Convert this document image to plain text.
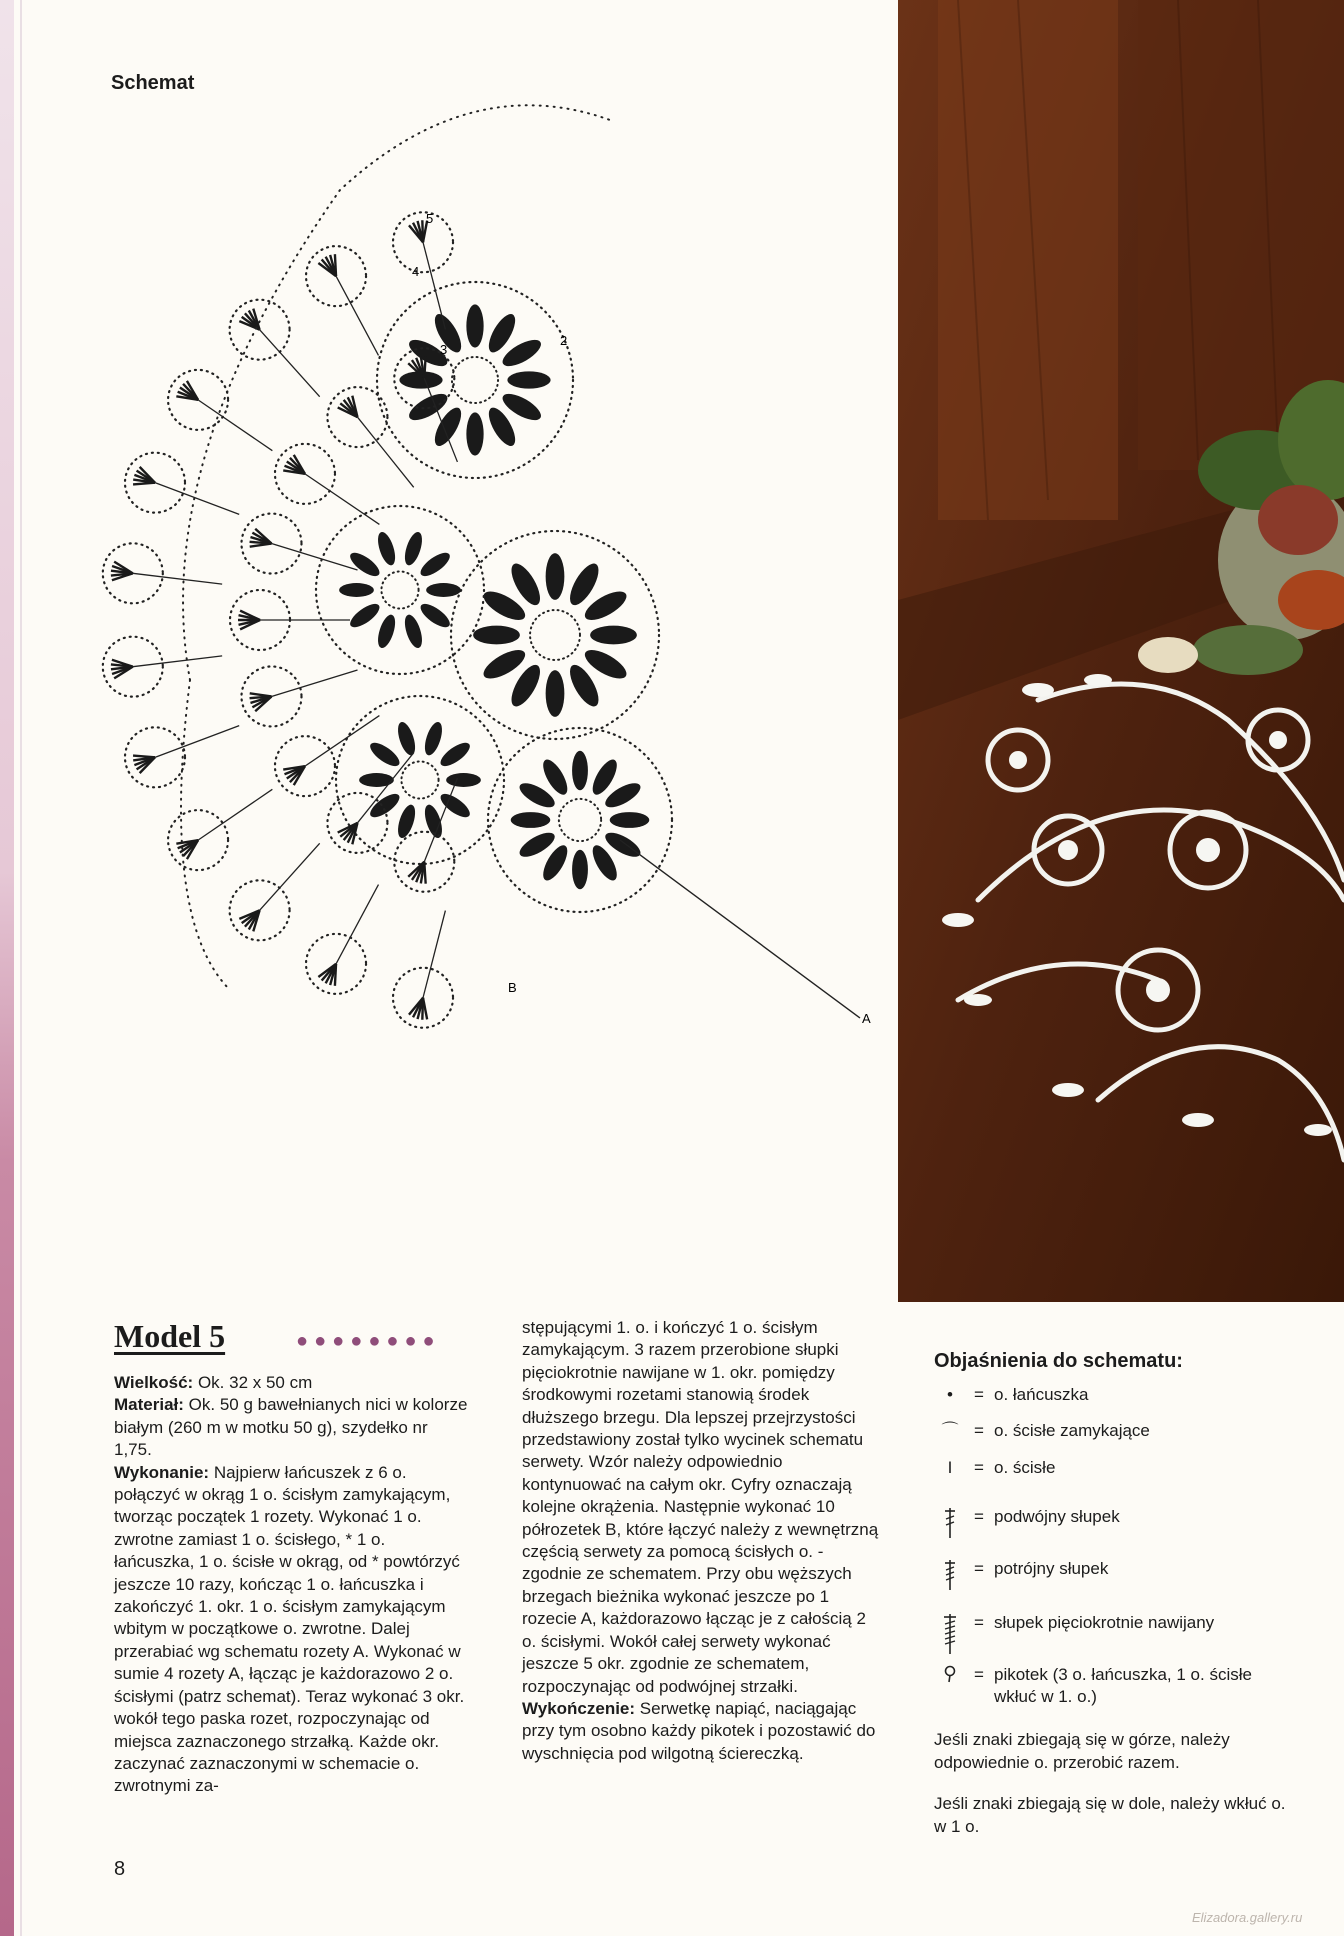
Schemat
5
4
3
2
A
B
Model 5	●●●●●●●●

Wielkość: Ok. 32 x 50 cm

Materiał: Ok. 50 g bawełnianych nici w kolorze białym (260 m w motku 50 g), szydełko nr 1,75.

Wykonanie: Najpierw łańcuszek z 6 o. połączyć w okrąg 1 o. ścisłym zamykającym, tworząc początek 1 rozety. Wykonać 1 o. zwrotne zamiast 1 o. ścisłego, * 1 o. łańcuszka, 1 o. ścisłe w okrąg, od * powtórzyć jeszcze 10 razy, kończąc 1 o. łańcuszka i zakończyć 1. okr. 1 o. ścisłym zamykającym wbitym w początkowe o. zwrotne. Dalej przerabiać wg schematu rozety A. Wykonać w sumie 4 rozety A, łącząc je każdorazowo 2 o. ścisłymi (patrz schemat). Teraz wykonać 3 okr. wokół tego paska rozet, rozpoczynając od miejsca zaznaczonego strzałką. Każde okr. zaczynać zaznaczonymi w schemacie o. zwrotnymi za-

stępującymi 1. o. i kończyć 1 o. ścisłym zamykającym. 3 razem przerobione słupki pięciokrotnie nawijane w 1. okr. pomiędzy środkowymi rozetami stanowią środek dłuższego brzegu. Dla lepszej przejrzystości przedstawiony został tylko wycinek schematu serwety. Wzór należy odpowiednio kontynuować na całym okr. Cyfry oznaczają kolejne okrążenia. Następnie wykonać 10 półrozetek B, które łączyć należy z wewnętrzną częścią serwety za pomocą ścisłych o. - zgodnie ze schematem. Przy obu węższych brzegach bieżnika wykonać jeszcze po 1 rozecie A, każdorazowo łącząc je z całością 2 o. ścisłymi. Wokół całej serwety wykonać jeszcze 5 okr. zgodnie ze schematem, rozpoczynając od podwójnej strzałki.

Wykończenie: Serwetkę napiąć, naciągając przy tym osobno każdy pikotek i pozostawić do wyschnięcia pod wilgotną ściereczką.

Objaśnienia do schematu:
•	= o. łańcuszka
⌒ = o. ścisłe zamykające
I	= o. ścisłe
= podwójny słupek
= potrójny słupek
= słupek pięciokrotnie nawijany
= pikotek (3 o. łańcuszka, 1 o. ścisłe wkłuć w 1. o.)
Jeśli znaki zbiegają się w górze, należy odpowiednie o. przerobić razem.
Jeśli znaki zbiegają się w dole, należy wkłuć o. w 1 o.
8
Elizadora.gallery.ru
